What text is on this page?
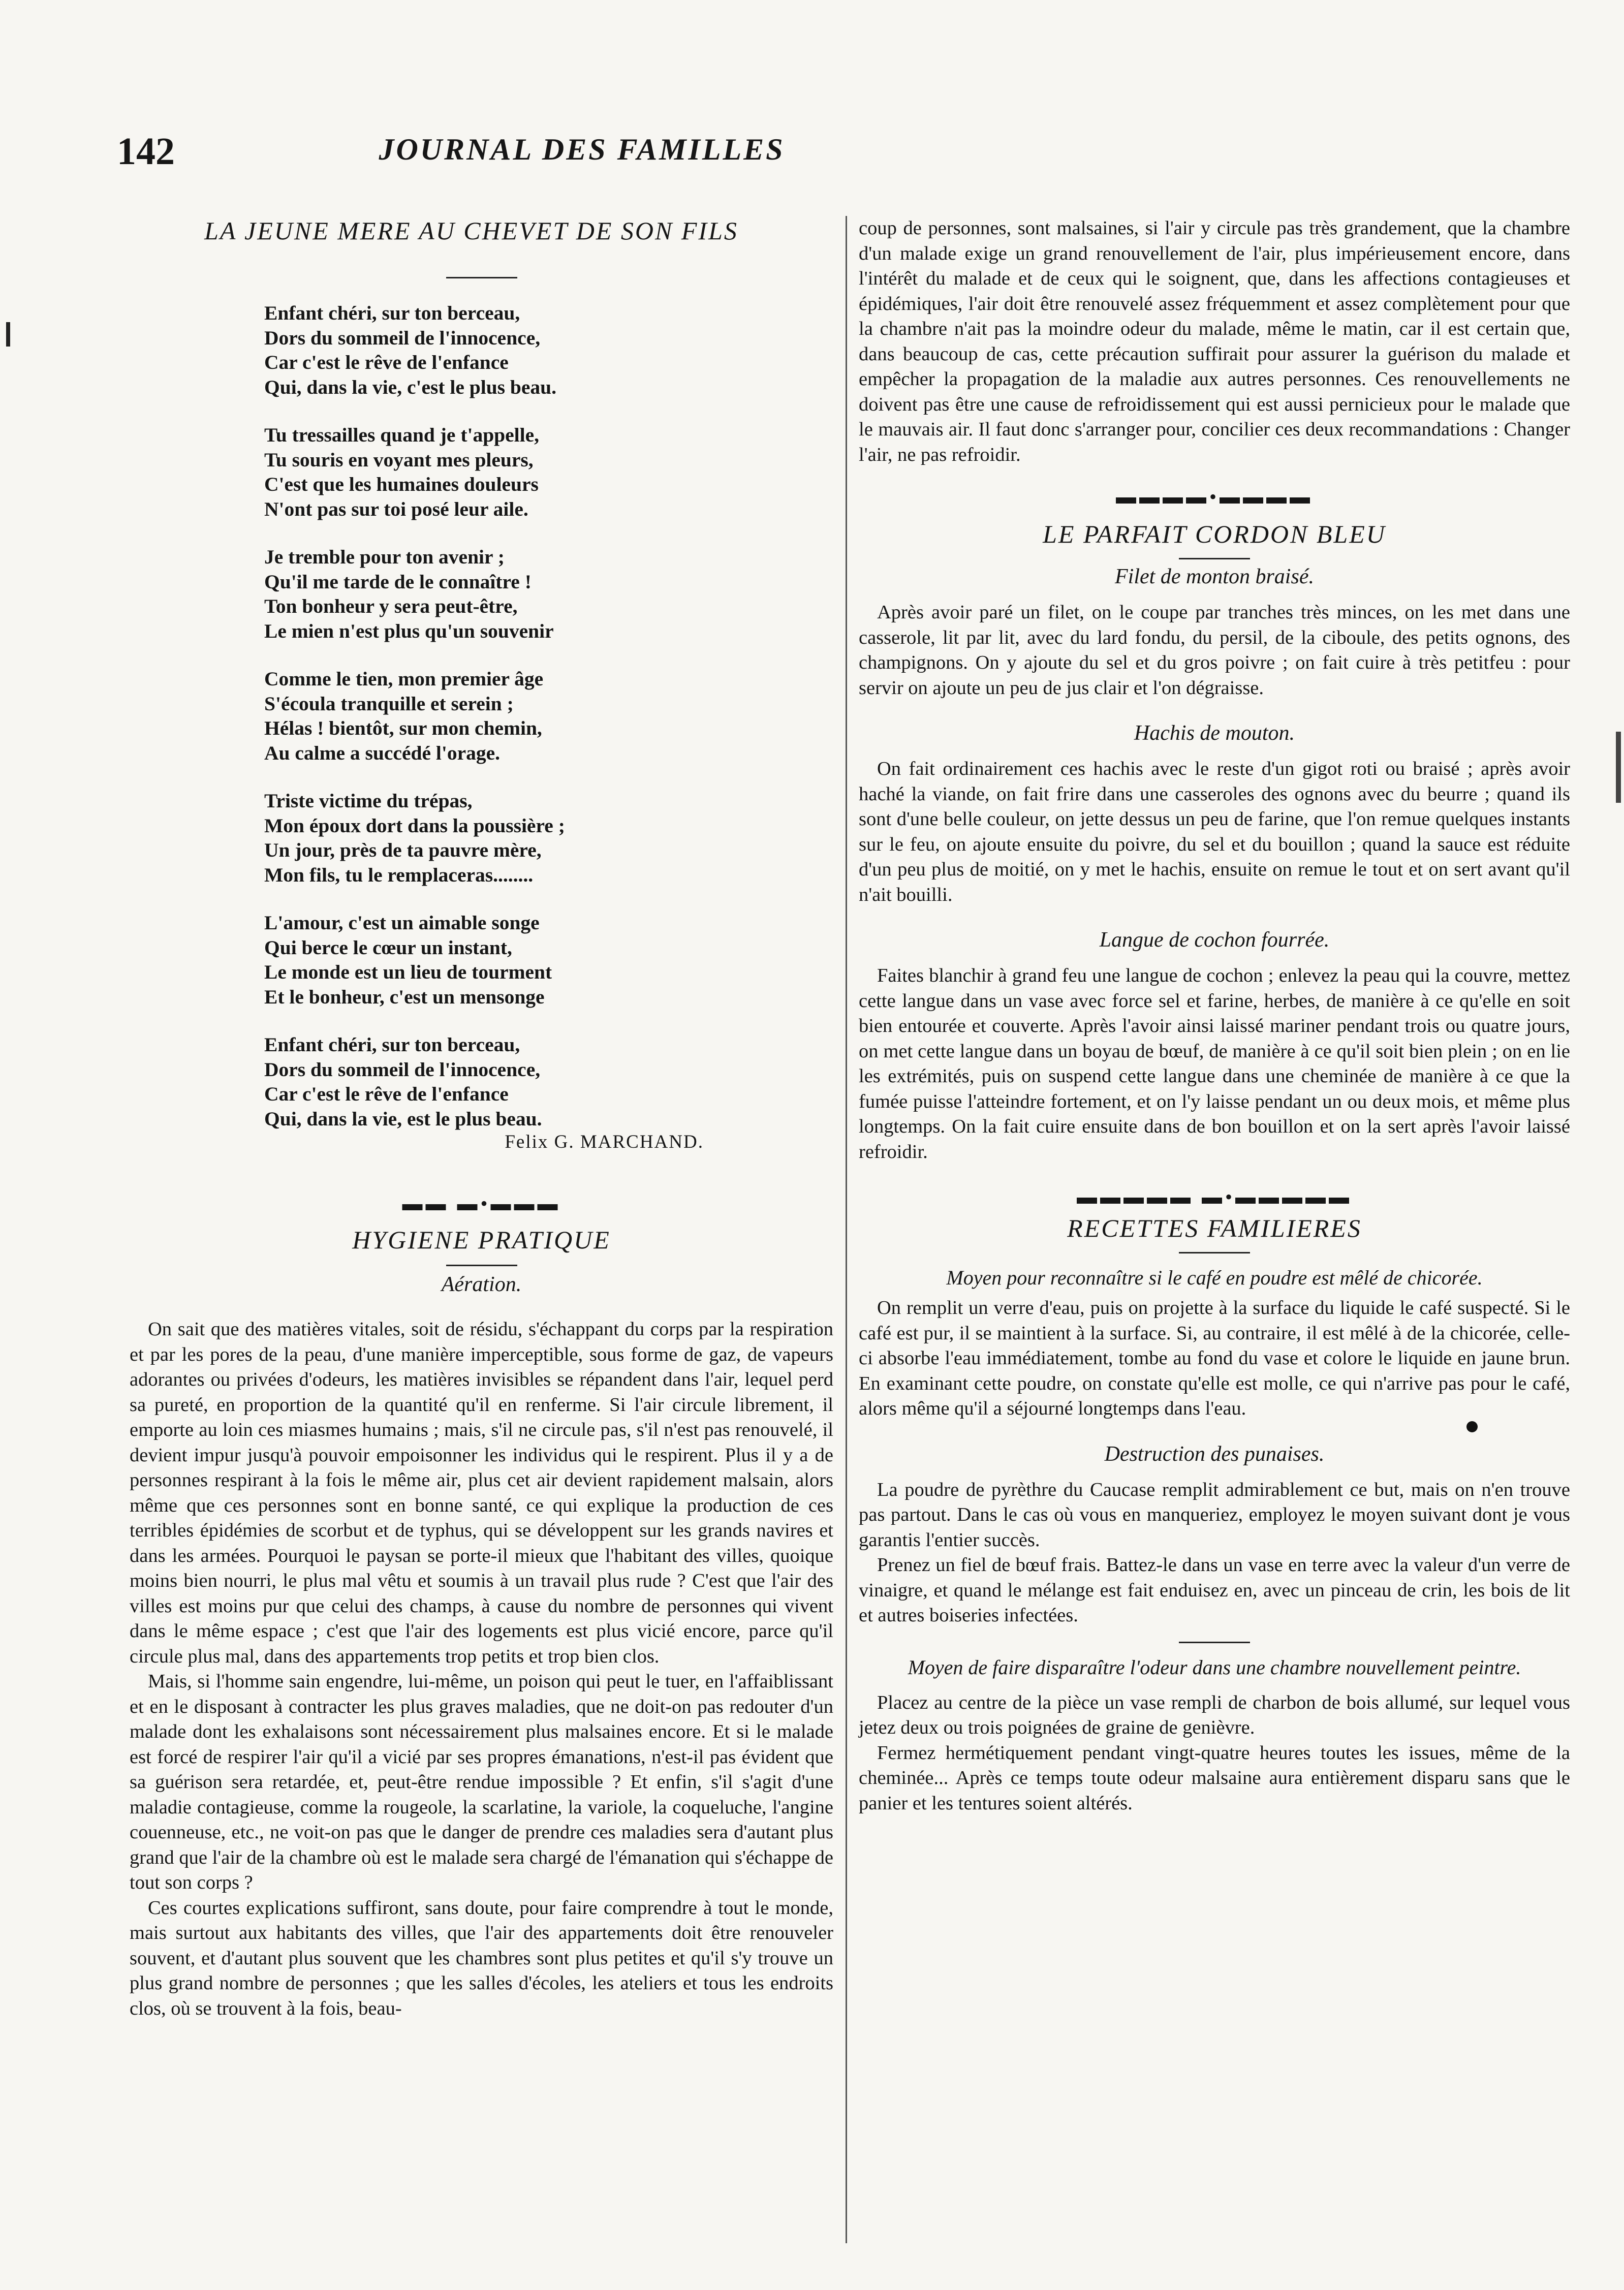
142	JOURNAL DES FAMILLES
LA JEUNE MERE AU CHEVET DE SON FILS
Enfant chéri, sur ton berceau,
Dors du sommeil de l'innocence,
Car c'est le rêve de l'enfance
Qui, dans la vie, c'est le plus beau.
Tu tressailles quand je t'appelle,
Tu souris en voyant mes pleurs,
C'est que les humaines douleurs
N'ont pas sur toi posé leur aile.
Je tremble pour ton avenir ;
Qu'il me tarde de le connaître !
Ton bonheur y sera peut-être,
Le mien n'est plus qu'un souvenir
Comme le tien, mon premier âge
S'écoula tranquille et serein ;
Hélas ! bientôt, sur mon chemin,
Au calme a succédé l'orage.
Triste victime du trépas,
Mon époux dort dans la poussière ;
Un jour, près de ta pauvre mère,
Mon fils, tu le remplaceras........
L'amour, c'est un aimable songe
Qui berce le cœur un instant,
Le monde est un lieu de tourment
Et le bonheur, c'est un mensonge
Enfant chéri, sur ton berceau,
Dors du sommeil de l'innocence,
Car c'est le rêve de l'enfance
Qui, dans la vie, est le plus beau.
Felix G. MARCHAND.
▬▬ ▬•▬▬▬
HYGIENE PRATIQUE
Aération.

On sait que des matières vitales, soit de résidu, s'échappant du corps par la respiration et par les pores de la peau, d'une manière imperceptible, sous forme de gaz, de vapeurs adorantes ou privées d'odeurs, les matières invisibles se répandent dans l'air, lequel perd sa pureté, en proportion de la quantité qu'il en renferme. Si l'air circule librement, il emporte au loin ces miasmes humains ; mais, s'il ne circule pas, s'il n'est pas renouvelé, il devient impur jusqu'à pouvoir empoisonner les individus qui le respirent. Plus il y a de personnes respirant à la fois le même air, plus cet air devient rapidement malsain, alors même que ces personnes sont en bonne santé, ce qui explique la production de ces terribles épidémies de scorbut et de typhus, qui se développent sur les grands navires et dans les armées. Pourquoi le paysan se porte-il mieux que l'habitant des villes, quoique moins bien nourri, le plus mal vêtu et soumis à un travail plus rude ? C'est que l'air des villes est moins pur que celui des champs, à cause du nombre de personnes qui vivent dans le même espace ; c'est que l'air des logements est plus vicié encore, parce qu'il circule plus mal, dans des appartements trop petits et trop bien clos.

Mais, si l'homme sain engendre, lui-même, un poison qui peut le tuer, en l'affaiblissant et en le disposant à contracter les plus graves maladies, que ne doit-on pas redouter d'un malade dont les exhalaisons sont nécessairement plus malsaines encore. Et si le malade est forcé de respirer l'air qu'il a vicié par ses propres émanations, n'est-il pas évident que sa guérison sera retardée, et, peut-être rendue impossible ? Et enfin, s'il s'agit d'une maladie contagieuse, comme la rougeole, la scarlatine, la variole, la coqueluche, l'angine couenneuse, etc., ne voit-on pas que le danger de prendre ces maladies sera d'autant plus grand que l'air de la chambre où est le malade sera chargé de l'émanation qui s'échappe de tout son corps ?

Ces courtes explications suffiront, sans doute, pour faire comprendre à tout le monde, mais surtout aux habitants des villes, que l'air des appartements doit être renouveler souvent, et d'autant plus souvent que les chambres sont plus petites et qu'il s'y trouve un plus grand nombre de personnes ; que les salles d'écoles, les ateliers et tous les endroits clos, où se trouvent à la fois, beau-

coup de personnes, sont malsaines, si l'air y circule pas très grandement, que la chambre d'un malade exige un grand renouvellement de l'air, plus impérieusement encore, dans l'intérêt du malade et de ceux qui le soignent, que, dans les affections contagieuses et épidémiques, l'air doit être renouvelé assez fréquemment et assez complètement pour que la chambre n'ait pas la moindre odeur du malade, même le matin, car il est certain que, dans beaucoup de cas, cette précaution suffirait pour assurer la guérison du malade et empêcher la propagation de la maladie aux autres personnes. Ces renouvellements ne doivent pas être une cause de refroidissement qui est aussi pernicieux pour le malade que le mauvais air. Il faut donc s'arranger pour, concilier ces deux recommandations : Changer l'air, ne pas refroidir.

▬▬▬▬•▬▬▬▬
LE PARFAIT CORDON BLEU
Filet de monton braisé.

Après avoir paré un filet, on le coupe par tranches très minces, on les met dans une casserole, lit par lit, avec du lard fondu, du persil, de la ciboule, des petits ognons, des champignons. On y ajoute du sel et du gros poivre ; on fait cuire à très petitfeu : pour servir on ajoute un peu de jus clair et l'on dégraisse.

Hachis de mouton.

On fait ordinairement ces hachis avec le reste d'un gigot roti ou braisé ; après avoir haché la viande, on fait frire dans une casseroles des ognons avec du beurre ; quand ils sont d'une belle couleur, on jette dessus un peu de farine, que l'on remue quelques instants sur le feu, on ajoute ensuite du poivre, du sel et du bouillon ; quand la sauce est réduite d'un peu plus de moitié, on y met le hachis, ensuite on remue le tout et on sert avant qu'il n'ait bouilli.

Langue de cochon fourrée.

Faites blanchir à grand feu une langue de cochon ; enlevez la peau qui la couvre, mettez cette langue dans un vase avec force sel et farine, herbes, de manière à ce qu'elle en soit bien entourée et couverte. Après l'avoir ainsi laissé mariner pendant trois ou quatre jours, on met cette langue dans un boyau de bœuf, de manière à ce qu'il soit bien plein ; on en lie les extrémités, puis on suspend cette langue dans une cheminée de manière à ce que la fumée puisse l'atteindre fortement, et on l'y laisse pendant un ou deux mois, et même plus longtemps. On la fait cuire ensuite dans de bon bouillon et on la sert après l'avoir laissé refroidir.

▬▬▬▬▬ ▬•▬▬▬▬▬
RECETTES FAMILIERES
Moyen pour reconnaître si le café en poudre est mêlé de chicorée.

On remplit un verre d'eau, puis on projette à la surface du liquide le café suspecté. Si le café est pur, il se maintient à la surface. Si, au contraire, il est mêlé à de la chicorée, celle-ci absorbe l'eau immédiatement, tombe au fond du vase et colore le liquide en jaune brun. En examinant cette poudre, on constate qu'elle est molle, ce qui n'arrive pas pour le café, alors même qu'il a séjourné longtemps dans l'eau.

Destruction des punaises.

La poudre de pyrèthre du Caucase remplit admirablement ce but, mais on n'en trouve pas partout. Dans le cas où vous en manqueriez, employez le moyen suivant dont je vous garantis l'entier succès.

Prenez un fiel de bœuf frais. Battez-le dans un vase en terre avec la valeur d'un verre de vinaigre, et quand le mélange est fait enduisez en, avec un pinceau de crin, les bois de lit et autres boiseries infectées.

Moyen de faire disparaître l'odeur dans une chambre nouvellement peintre.

Placez au centre de la pièce un vase rempli de charbon de bois allumé, sur lequel vous jetez deux ou trois poignées de graine de genièvre.

Fermez hermétiquement pendant vingt-quatre heures toutes les issues, même de la cheminée... Après ce temps toute odeur malsaine aura entièrement disparu sans que le panier et les tentures soient altérés.
